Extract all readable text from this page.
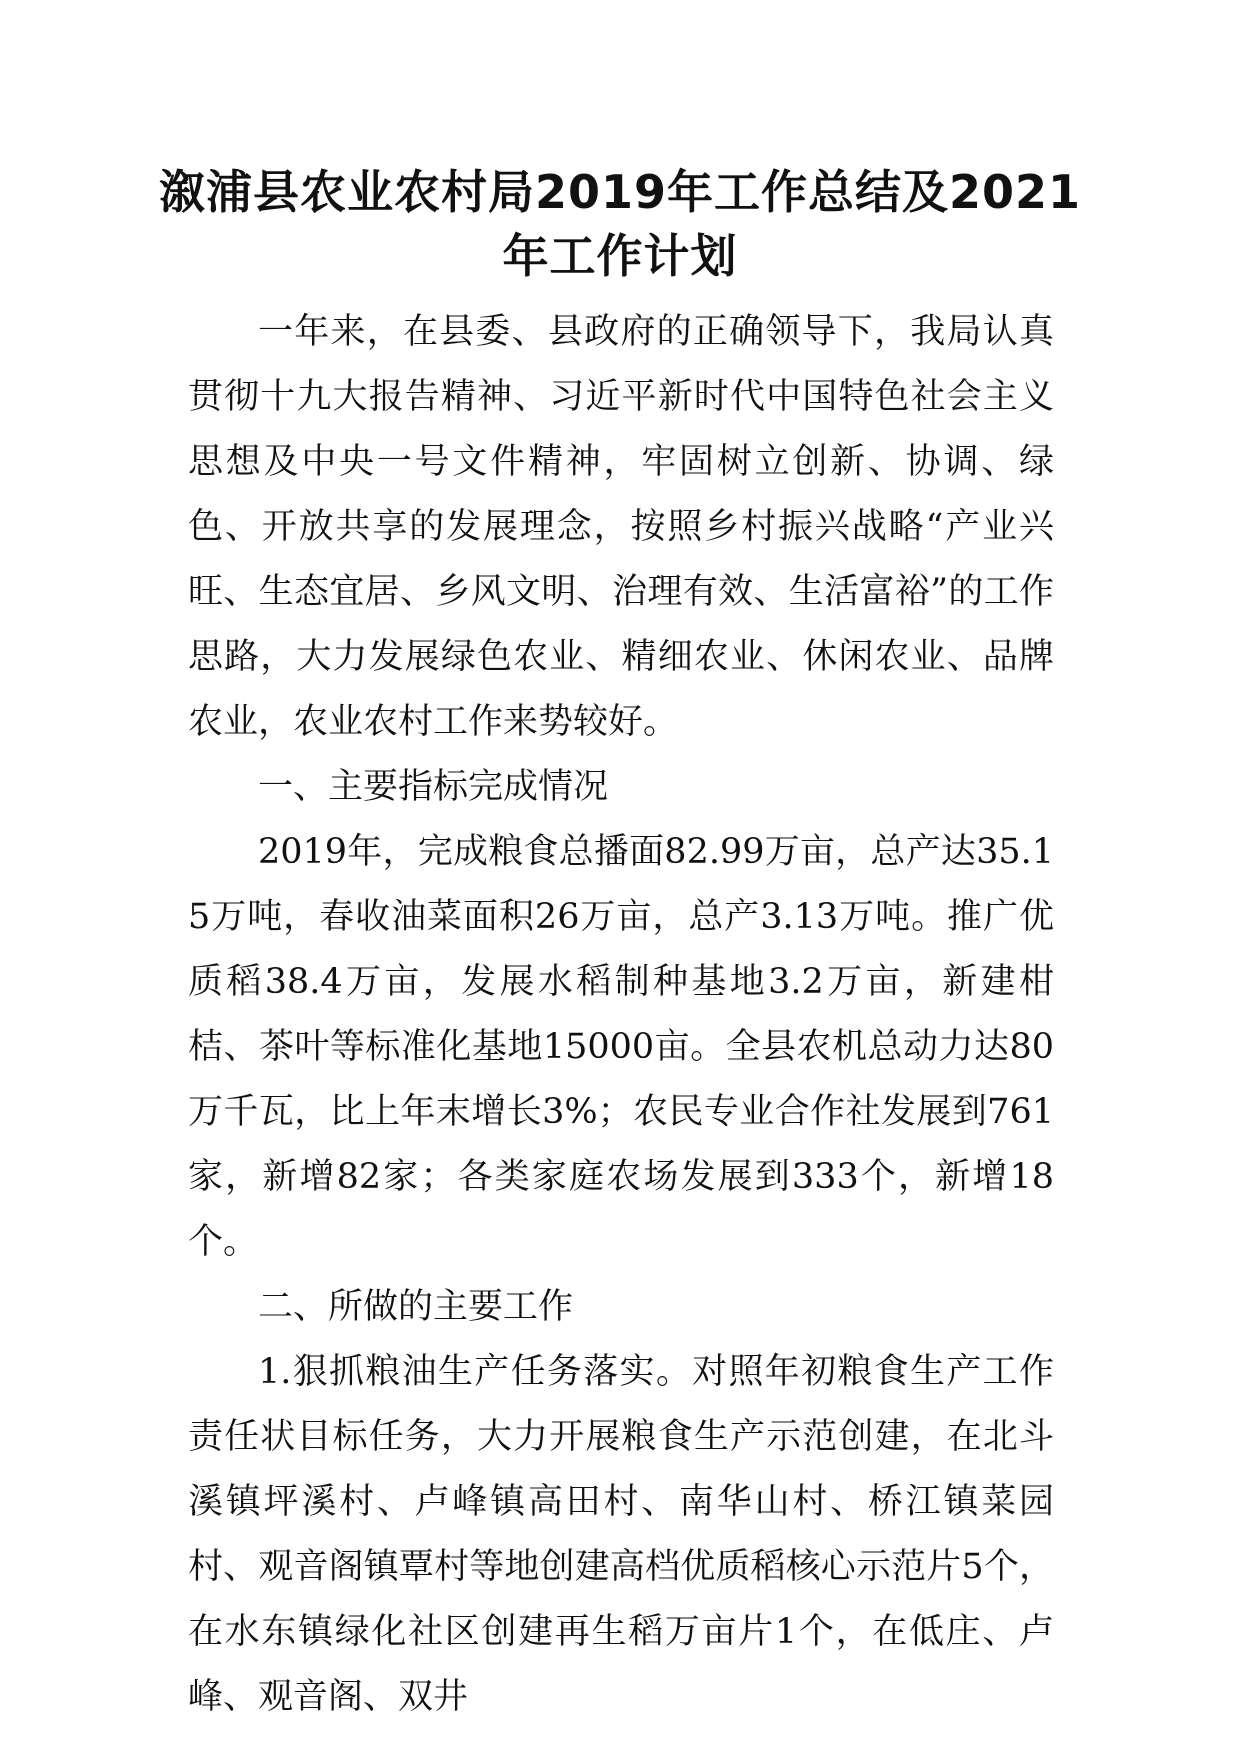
溆浦县农业农村局2019年工作总结及2021年工作计划

一年来，在县委、县政府的正确领导下，我局认真贯彻十九大报告精神、习近平新时代中国特色社会主义思想及中央一号文件精神，牢固树立创新、协调、绿色、开放共享的发展理念，按照乡村振兴战略“产业兴旺、生态宜居、乡风文明、治理有效、生活富裕”的工作思路，大力发展绿色农业、精细农业、休闲农业、品牌农业，农业农村工作来势较好。

一、主要指标完成情况

2019年，完成粮食总播面82.99万亩，总产达35.15万吨，春收油菜面积26万亩，总产3.13万吨。推广优质稻38.4万亩，发展水稻制种基地3.2万亩，新建柑桔、茶叶等标准化基地15000亩。全县农机总动力达80万千瓦，比上年末增长3%；农民专业合作社发展到761家，新增82家；各类家庭农场发展到333个，新增18个。

二、所做的主要工作

1.狠抓粮油生产任务落实。对照年初粮食生产工作责任状目标任务，大力开展粮食生产示范创建，在北斗溪镇坪溪村、卢峰镇高田村、南华山村、桥江镇菜园村、观音阁镇覃村等地创建高档优质稻核心示范片5个，在水东镇绿化社区创建再生稻万亩片1个，在低庄、卢峰、观音阁、双井
